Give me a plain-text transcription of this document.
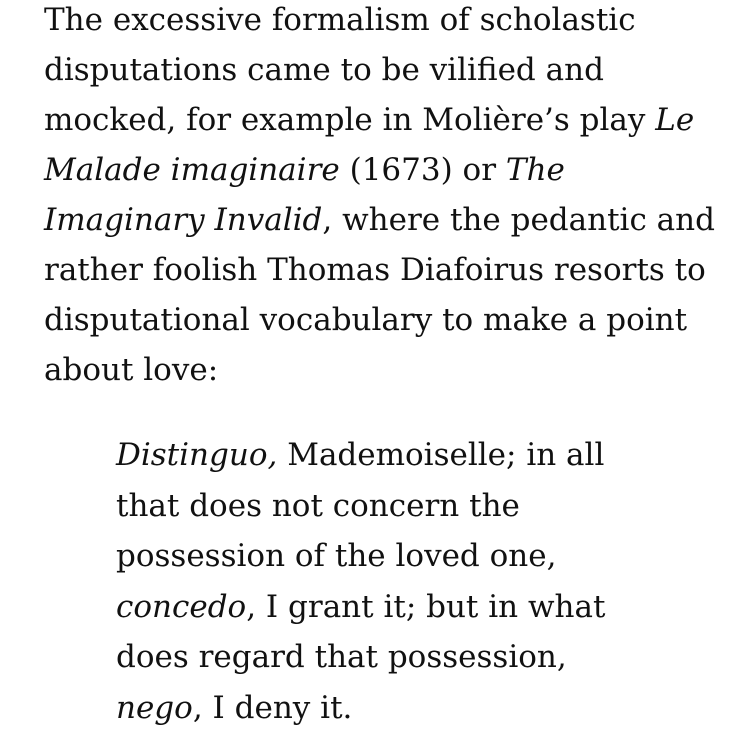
The excessive formalism of scholastic
disputations came to be vilified and
mocked, for example in Molière’s play Le
Malade imaginaire (1673) or The
Imaginary Invalid, where the pedantic and
rather foolish Thomas Diafoirus resorts to
disputational vocabulary to make a point
about love:

Distinguo, Mademoiselle; in all
that does not concern the
possession of the loved one,
concedo, I grant it; but in what
does regard that possession,
nego, I deny it.
